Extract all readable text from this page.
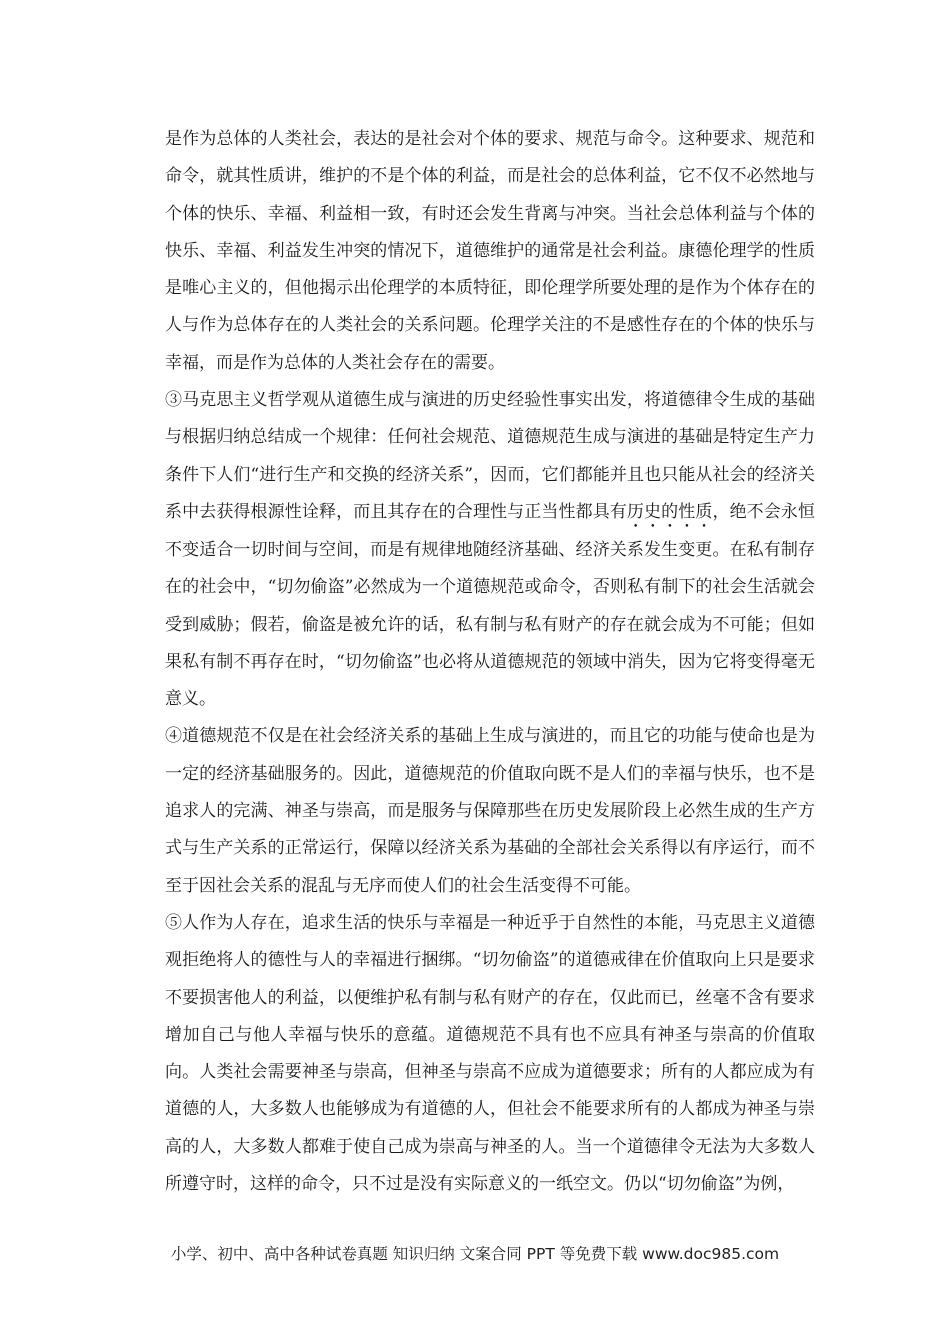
是作为总体的人类社会，表达的是社会对个体的要求、规范与命令。这种要求、规范和命令，就其性质讲，维护的不是个体的利益，而是社会的总体利益，它不仅不必然地与个体的快乐、幸福、利益相一致，有时还会发生背离与冲突。当社会总体利益与个体的快乐、幸福、利益发生冲突的情况下，道德维护的通常是社会利益。康德伦理学的性质是唯心主义的，但他揭示出伦理学的本质特征，即伦理学所要处理的是作为个体存在的人与作为总体存在的人类社会的关系问题。伦理学关注的不是感性存在的个体的快乐与幸福，而是作为总体的人类社会存在的需要。

③马克思主义哲学观从道德生成与演进的历史经验性事实出发，将道德律令生成的基础与根据归纳总结成一个规律：任何社会规范、道德规范生成与演进的基础是特定生产力条件下人们“进行生产和交换的经济关系”，因而，它们都能并且也只能从社会的经济关系中去获得根源性诠释，而且其存在的合理性与正当性都具有历史的性质，绝不会永恒不变适合一切时间与空间，而是有规律地随经济基础、经济关系发生变更。在私有制存在的社会中，“切勿偷盗”必然成为一个道德规范或命令，否则私有制下的社会生活就会受到威胁；假若，偷盗是被允许的话，私有制与私有财产的存在就会成为不可能；但如果私有制不再存在时，“切勿偷盗”也必将从道德规范的领域中消失，因为它将变得毫无意义。

④道德规范不仅是在社会经济关系的基础上生成与演进的，而且它的功能与使命也是为一定的经济基础服务的。因此，道德规范的价值取向既不是人们的幸福与快乐，也不是追求人的完满、神圣与崇高，而是服务与保障那些在历史发展阶段上必然生成的生产方式与生产关系的正常运行，保障以经济关系为基础的全部社会关系得以有序运行，而不至于因社会关系的混乱与无序而使人们的社会生活变得不可能。

⑤人作为人存在，追求生活的快乐与幸福是一种近乎于自然性的本能，马克思主义道德观拒绝将人的德性与人的幸福进行捆绑。“切勿偷盗”的道德戒律在价值取向上只是要求不要损害他人的利益，以便维护私有制与私有财产的存在，仅此而已，丝毫不含有要求增加自己与他人幸福与快乐的意蕴。道德规范不具有也不应具有神圣与崇高的价值取向。人类社会需要神圣与崇高，但神圣与崇高不应成为道德要求；所有的人都应成为有道德的人，大多数人也能够成为有道德的人，但社会不能要求所有的人都成为神圣与崇高的人，大多数人都难于使自己成为崇高与神圣的人。当一个道德律令无法为大多数人所遵守时，这样的命令，只不过是没有实际意义的一纸空文。仍以“切勿偷盗”为例，

小学、初中、高中各种试卷真题 知识归纳 文案合同 PPT 等免费下载 www.doc985.com
